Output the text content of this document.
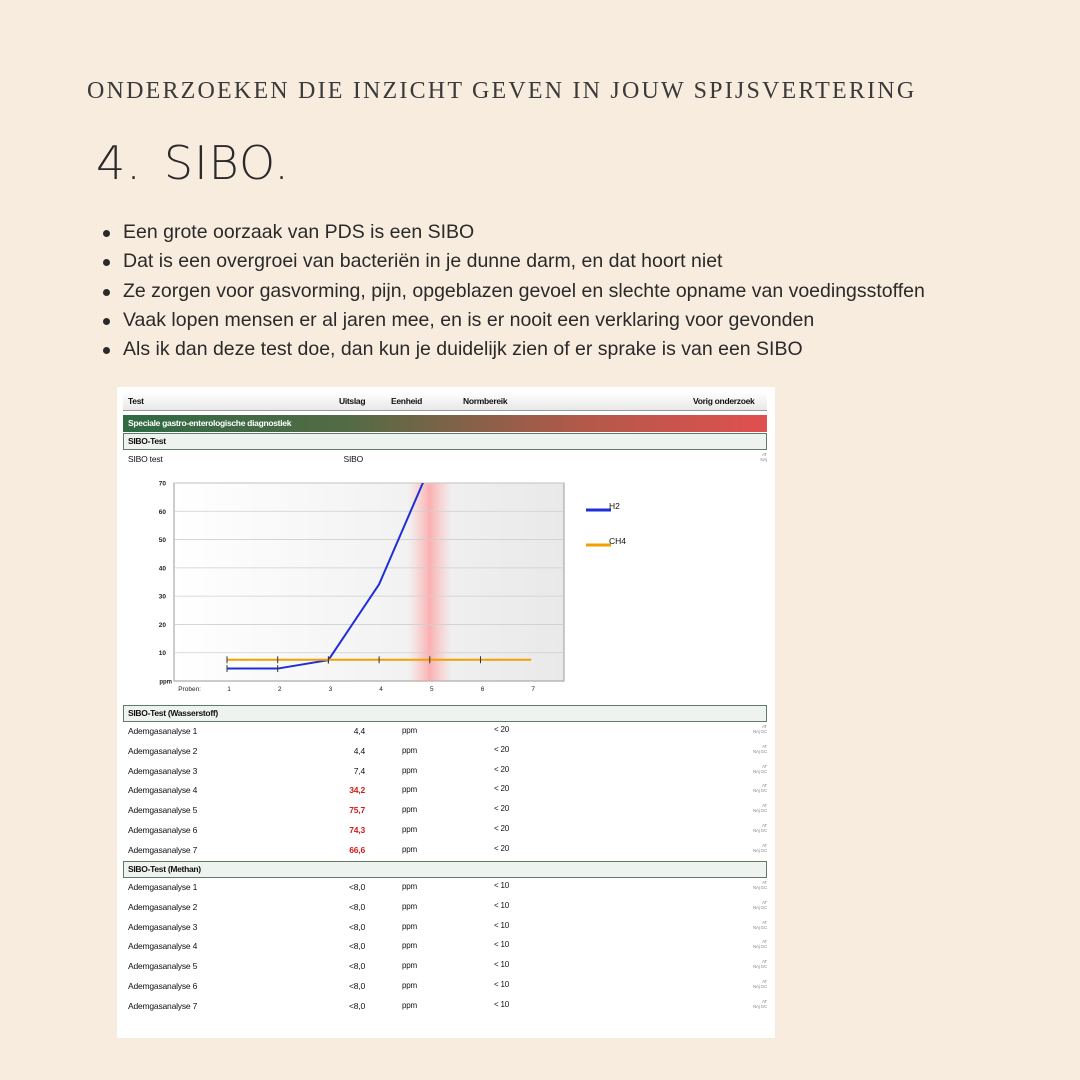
ONDERZOEKEN DIE INZICHT GEVEN IN JOUW SPIJSVERTERING
4. SIBO.
Een grote oorzaak van PDS is een SIBO
Dat is een overgroei van bacteriën in je dunne darm, en dat hoort niet
Ze zorgen voor gasvorming, pijn, opgeblazen gevoel en slechte opname van voedingsstoffen
Vaak lopen mensen er al jaren mee, en is er nooit een verklaring voor gevonden
Als ik dan deze test doe, dan kun je duidelijk zien of er sprake is van een SIBO
Test	Uitslag	Eenheid	Normbereik	Vorig onderzoek
Speciale gastro-enterologische diagnostiek
SIBO-Test
SIBO test	SIBO	AT
NAj
10
20
30
40
50
60
70
ppm
Proben:	1	2	3	4	5	6	7
H2
CH4
SIBO-Test (Wasserstoff)
Ademgasanalyse 1	4,4	ppm	< 20	AT
NAj GC
Ademgasanalyse 2	4,4	ppm	< 20	AT
NAj GC
Ademgasanalyse 3	7,4	ppm	< 20	AT
NAj GC
Ademgasanalyse 4	34,2	ppm	< 20	AT
NAj GC
Ademgasanalyse 5	75,7	ppm	< 20	AT
NAj GC
Ademgasanalyse 6	74,3	ppm	< 20	AT
NAj GC
Ademgasanalyse 7	66,6	ppm	< 20	AT
NAj GC
SIBO-Test (Methan)
Ademgasanalyse 1	<8,0	ppm	< 10	AT
NAj GC
Ademgasanalyse 2	<8,0	ppm	< 10	AT
NAj GC
Ademgasanalyse 3	<8,0	ppm	< 10	AT
NAj GC
Ademgasanalyse 4	<8,0	ppm	< 10	AT
NAj GC
Ademgasanalyse 5	<8,0	ppm	< 10	AT
NAj GC
Ademgasanalyse 6	<8,0	ppm	< 10	AT
NAj GC
Ademgasanalyse 7	<8,0	ppm	< 10	AT
NAj GC
